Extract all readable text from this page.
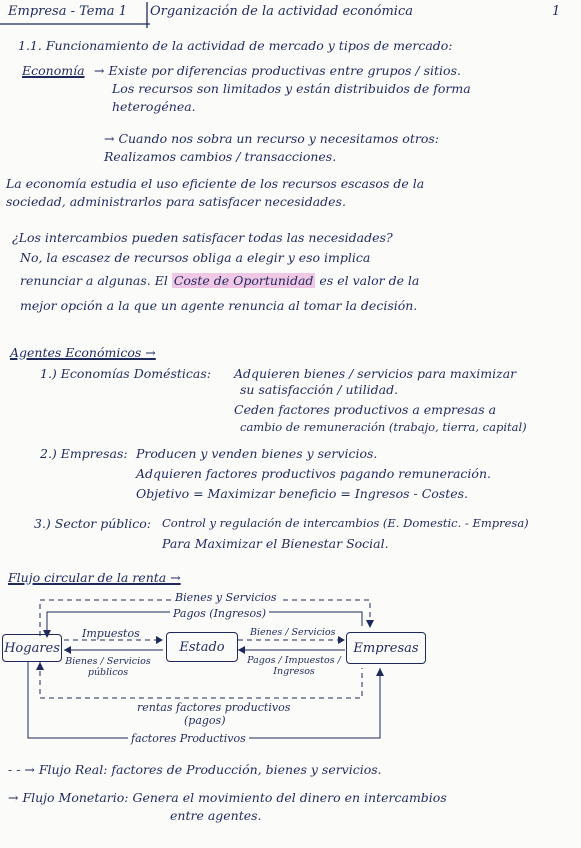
Empresa - Tema 1 Organización de la actividad económica	1
1.1. Funcionamiento de la actividad de mercado y tipos de mercado:
Economía → Existe por diferencias productivas entre grupos / sitios.
Los recursos son limitados y están distribuidos de forma
heterogénea.
→ Cuando nos sobra un recurso y necesitamos otros:
Realizamos cambios / transacciones.
La economía estudia el uso eficiente de los recursos escasos de la
sociedad, administrarlos para satisfacer necesidades.
¿Los intercambios pueden satisfacer todas las necesidades?
No, la escasez de recursos obliga a elegir y eso implica
renunciar a algunas. El Coste de Oportunidad es el valor de la
mejor opción a la que un agente renuncia al tomar la decisión.
Agentes Económicos →
1.) Economías Domésticas: Adquieren bienes / servicios para maximizar
su satisfacción / utilidad.
Ceden factores productivos a empresas a
cambio de remuneración (trabajo, tierra, capital)
2.) Empresas: Producen y venden bienes y servicios.
Adquieren factores productivos pagando remuneración.
Objetivo = Maximizar beneficio = Ingresos - Costes.
3.) Sector público: Control y regulación de intercambios (E. Domestic. - Empresa)
Para Maximizar el Bienestar Social.
Flujo circular de la renta →
Bienes y Servicios
Pagos (Ingresos)
Hogares	Estado	Empresas
Impuestos
Bienes / Servicios públicos
Bienes / Servicios
Pagos / Impuestos / Ingresos
rentas factores productivos
(pagos)
factores Productivos
- - → Flujo Real: factores de Producción, bienes y servicios.
→ Flujo Monetario: Genera el movimiento del dinero en intercambios
entre agentes.
